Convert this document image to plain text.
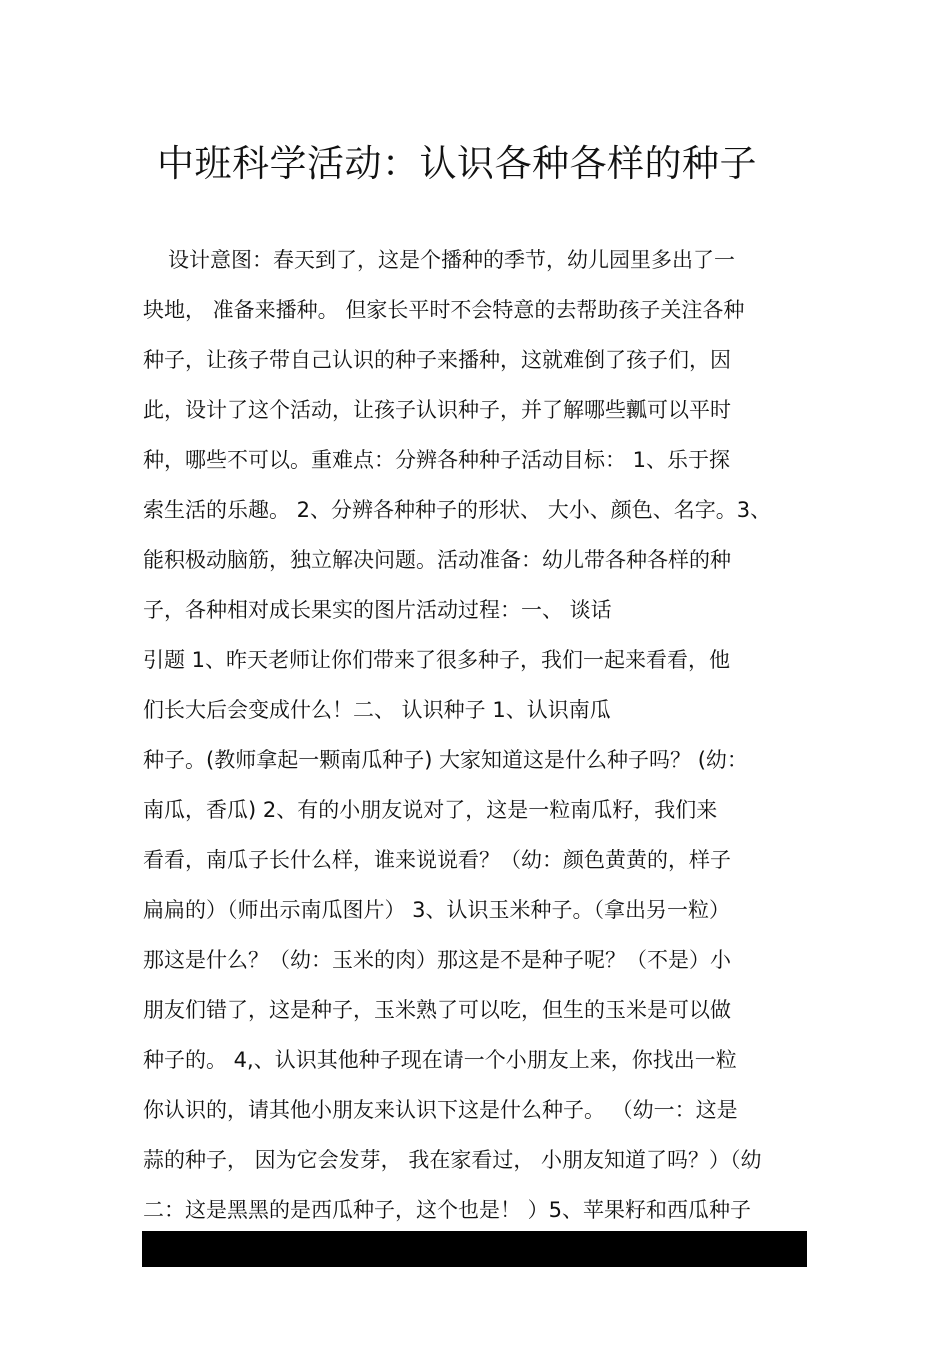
中班科学活动：认识各种各样的种子
设计意图：春天到了，这是个播种的季节，幼儿园里多出了一
块地， 准备来播种。 但家长平时不会特意的去帮助孩子关注各种
种子，让孩子带自己认识的种子来播种，这就难倒了孩子们，因
此，设计了这个活动，让孩子认识种子，并了解哪些瓤可以平时
种，哪些不可以。重难点：分辨各种种子活动目标： 1、乐于探
索生活的乐趣。 2、分辨各种种子的形状、 大小、颜色、名字。3、
能积极动脑筋，独立解决问题。活动准备：幼儿带各种各样的种
子，各种相对成长果实的图片活动过程：一、 谈话
引题 1、昨天老师让你们带来了很多种子，我们一起来看看，他
们长大后会变成什么！二、 认识种子 1、认识南瓜
种子。(教师拿起一颗南瓜种子) 大家知道这是什么种子吗？ (幼：
南瓜，香瓜) 2、有的小朋友说对了，这是一粒南瓜籽，我们来
看看，南瓜子长什么样，谁来说说看？（幼：颜色黄黄的，样子
扁扁的）（师出示南瓜图片） 3、认识玉米种子。（拿出另一粒）
那这是什么？（幼：玉米的肉）那这是不是种子呢？（不是）小
朋友们错了，这是种子，玉米熟了可以吃，但生的玉米是可以做
种子的。 4,、认识其他种子现在请一个小朋友上来，你找出一粒
你认识的，请其他小朋友来认识下这是什么种子。 （幼一：这是
蒜的种子， 因为它会发芽， 我在家看过， 小朋友知道了吗？）（幼
二：这是黑黑的是西瓜种子，这个也是！ ）5、苹果籽和西瓜种子
